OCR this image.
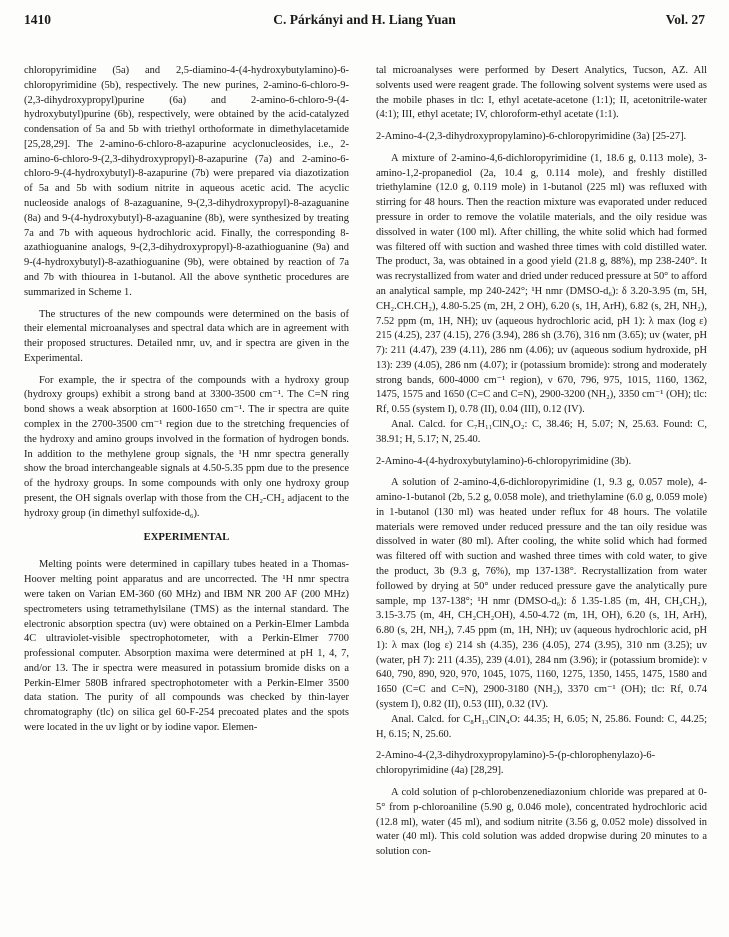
1410	C. Párkányi and H. Liang Yuan	Vol. 27

chloropyrimidine (5a) and 2,5-diamino-4-(4-hydroxybutylamino)-6-chloropyrimidine (5b), respectively. The new purines, 2-amino-6-chloro-9-(2,3-dihydroxypropyl)purine (6a) and 2-amino-6-chloro-9-(4-hydroxybutyl)purine (6b), respectively, were obtained by the acid-catalyzed condensation of 5a and 5b with triethyl orthoformate in dimethylacetamide [25,28,29]. The 2-amino-6-chloro-8-azapurine acyclonucleosides, i.e., 2-amino-6-chloro-9-(2,3-dihydroxypropyl)-8-azapurine (7a) and 2-amino-6-chloro-9-(4-hydroxybutyl)-8-azapurine (7b) were prepared via diazotization of 5a and 5b with sodium nitrite in aqueous acetic acid. The acyclic nucleoside analogs of 8-azaguanine, 9-(2,3-dihydroxypropyl)-8-azaguanine (8a) and 9-(4-hydroxybutyl)-8-azaguanine (8b), were synthesized by treating 7a and 7b with aqueous hydrochloric acid. Finally, the corresponding 8-azathioguanine analogs, 9-(2,3-dihydroxypropyl)-8-azathioguanine (9a) and 9-(4-hydroxybutyl)-8-azathioguanine (9b), were obtained by reaction of 7a and 7b with thiourea in 1-butanol. All the above synthetic procedures are summarized in Scheme 1.

The structures of the new compounds were determined on the basis of their elemental microanalyses and spectral data which are in agreement with their proposed structures. Detailed nmr, uv, and ir spectra are given in the Experimental.

For example, the ir spectra of the compounds with a hydroxy group (hydroxy groups) exhibit a strong band at 3300-3500 cm⁻¹. The C=N ring bond shows a weak absorption at 1600-1650 cm⁻¹. The ir spectra are quite complex in the 2700-3500 cm⁻¹ region due to the stretching frequencies of the hydroxy and amino groups involved in the formation of hydrogen bonds. In addition to the methylene group signals, the ¹H nmr spectra generally show the broad interchangeable signals at 4.50-5.35 ppm due to the presence of the hydroxy groups. In some compounds with only one hydroxy group present, the OH signals overlap with those from the CH₂-CH₂ adjacent to the hydroxy group (in dimethyl sulfoxide-d₆).

EXPERIMENTAL

Melting points were determined in capillary tubes heated in a Thomas-Hoover melting point apparatus and are uncorrected. The ¹H nmr spectra were taken on Varian EM-360 (60 MHz) and IBM NR 200 AF (200 MHz) spectrometers using tetramethylsilane (TMS) as the internal standard. The electronic absorption spectra (uv) were obtained on a Perkin-Elmer Lambda 4C ultraviolet-visible spectrophotometer, with a Perkin-Elmer 7700 professional computer. Absorption maxima were determined at pH 1, 4, 7, and/or 13. The ir spectra were measured in potassium bromide disks on a Perkin-Elmer 580B infrared spectrophotometer with a Perkin-Elmer 3500 data station. The purity of all compounds was checked by thin-layer chromatography (tlc) on silica gel 60-F-254 precoated plates and the spots were located in the uv light or by iodine vapor. Elemen-

tal microanalyses were performed by Desert Analytics, Tucson, AZ. All solvents used were reagent grade. The following solvent systems were used as the mobile phases in tlc: I, ethyl acetate-acetone (1:1); II, acetonitrile-water (4:1); III, ethyl acetate; IV, chloroform-ethyl acetate (1:1).

2-Amino-4-(2,3-dihydroxypropylamino)-6-chloropyrimidine (3a) [25-27].

A mixture of 2-amino-4,6-dichloropyrimidine (1, 18.6 g, 0.113 mole), 3-amino-1,2-propanediol (2a, 10.4 g, 0.114 mole), and freshly distilled triethylamine (12.0 g, 0.119 mole) in 1-butanol (225 ml) was refluxed with stirring for 48 hours. Then the reaction mixture was evaporated under reduced pressure in order to remove the volatile materials, and the oily residue was dissolved in water (100 ml). After chilling, the white solid which had formed was filtered off with suction and washed three times with cold distilled water. The product, 3a, was obtained in a good yield (21.8 g, 88%), mp 238-240°. It was recrystallized from water and dried under reduced pressure at 50° to afford an analytical sample, mp 240-242°; ¹H nmr (DMSO-d₆): δ 3.20-3.95 (m, 5H, CH₂.CH.CH₂), 4.80-5.25 (m, 2H, 2 OH), 6.20 (s, 1H, ArH), 6.82 (s, 2H, NH₂), 7.52 ppm (m, 1H, NH); uv (aqueous hydrochloric acid, pH 1): λ max (log ε) 215 (4.25), 237 (4.15), 276 (3.94), 286 sh (3.76), 316 nm (3.65); uv (water, pH 7): 211 (4.47), 239 (4.11), 286 nm (4.06); uv (aqueous sodium hydroxide, pH 13): 239 (4.05), 286 nm (4.07); ir (potassium bromide): strong and moderately strong bands, 600-4000 cm⁻¹ region), ν 670, 796, 975, 1015, 1160, 1362, 1475, 1575 and 1650 (C=C and C=N), 2900-3200 (NH₂), 3350 cm⁻¹ (OH); tlc: Rf, 0.55 (system I), 0.78 (II), 0.04 (III), 0.12 (IV).

Anal. Calcd. for C₇H₁₁ClN₄O₂: C, 38.46; H, 5.07; N, 25.63. Found: C, 38.91; H, 5.17; N, 25.40.

2-Amino-4-(4-hydroxybutylamino)-6-chloropyrimidine (3b).

A solution of 2-amino-4,6-dichloropyrimidine (1, 9.3 g, 0.057 mole), 4-amino-1-butanol (2b, 5.2 g, 0.058 mole), and triethylamine (6.0 g, 0.059 mole) in 1-butanol (130 ml) was heated under reflux for 48 hours. The volatile materials were removed under reduced pressure and the tan oily residue was dissolved in water (80 ml). After cooling, the white solid which had formed was filtered off with suction and washed three times with cold water, to give the product, 3b (9.3 g, 76%), mp 137-138°. Recrystallization from water followed by drying at 50° under reduced pressure gave the analytically pure sample, mp 137-138°; ¹H nmr (DMSO-d₆): δ 1.35-1.85 (m, 4H, CH₂CH₂), 3.15-3.75 (m, 4H, CH₂CH₂OH), 4.50-4.72 (m, 1H, OH), 6.20 (s, 1H, ArH), 6.80 (s, 2H, NH₂), 7.45 ppm (m, 1H, NH); uv (aqueous hydrochloric acid, pH 1): λ max (log ε) 214 sh (4.35), 236 (4.05), 274 (3.95), 310 nm (3.25); uv (water, pH 7): 211 (4.35), 239 (4.01), 284 nm (3.96); ir (potassium bromide): ν 640, 790, 890, 920, 970, 1045, 1075, 1160, 1275, 1350, 1455, 1475, 1580 and 1650 (C=C and C=N), 2900-3180 (NH₂), 3370 cm⁻¹ (OH); tlc: Rf, 0.74 (system I), 0.82 (II), 0.53 (III), 0.32 (IV).

Anal. Calcd. for C₈H₁₃ClN₄O: 44.35; H, 6.05; N, 25.86. Found: C, 44.25; H, 6.15; N, 25.60.

2-Amino-4-(2,3-dihydroxypropylamino)-5-(p-chlorophenylazo)-6-chloropyrimidine (4a) [28,29].

A cold solution of p-chlorobenzenediazonium chloride was prepared at 0-5° from p-chloroaniline (5.90 g, 0.046 mole), concentrated hydrochloric acid (12.8 ml), water (45 ml), and sodium nitrite (3.56 g, 0.052 mole) dissolved in water (40 ml). This cold solution was added dropwise during 20 minutes to a solution con-
